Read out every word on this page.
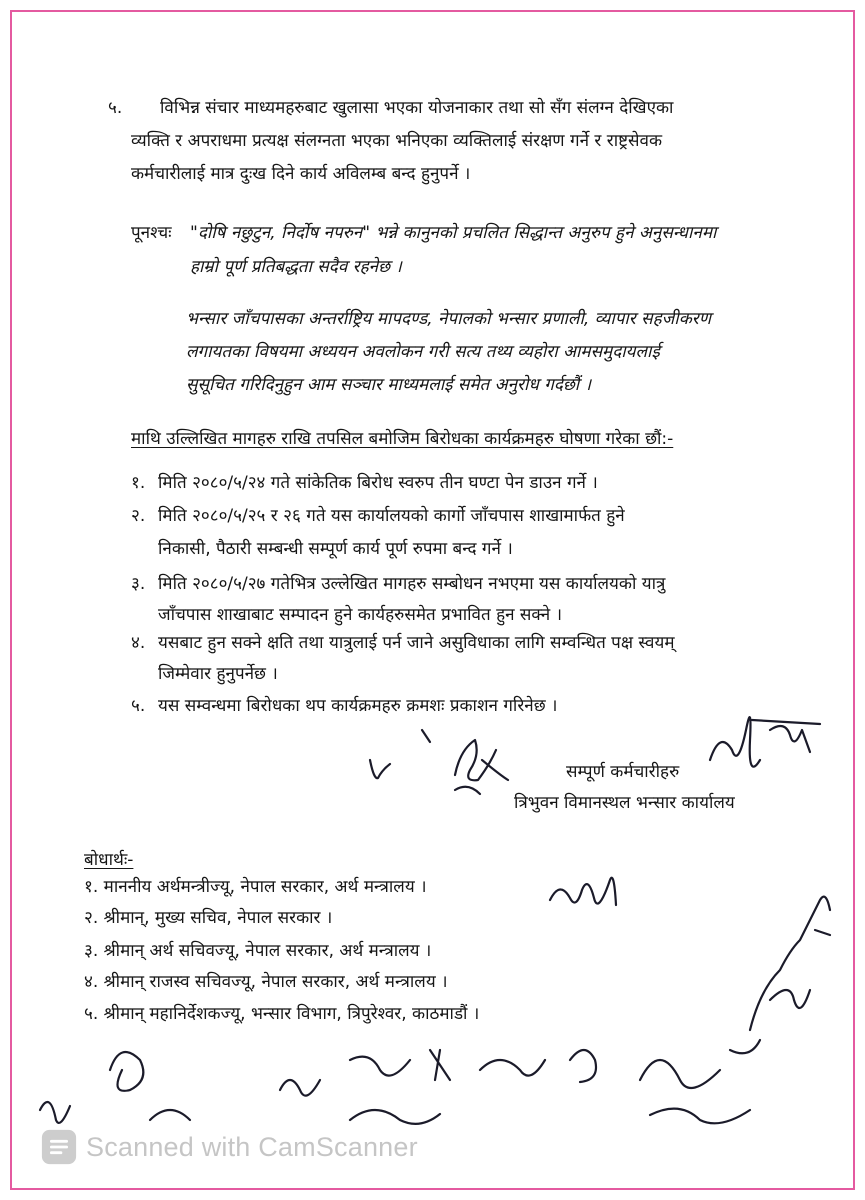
५. विभिन्न संचार माध्यमहरुबाट खुलासा भएका योजनाकार तथा सो सँग संलग्न देखिएका
व्यक्ति र अपराधमा प्रत्यक्ष संलग्नता भएका भनिएका व्यक्तिलाई संरक्षण गर्ने र राष्ट्रसेवक
कर्मचारीलाई मात्र दुःख दिने कार्य अविलम्ब बन्द हुनुपर्ने ।
पूनश्चः "दोषि नछुटुन, निर्दोष नपरुन" भन्ने कानुनको प्रचलित सिद्धान्त अनुरुप हुने अनुसन्धानमा
हाम्रो पूर्ण प्रतिबद्धता सदैव रहनेछ ।
भन्सार जाँचपासका अन्तर्राष्ट्रिय मापदण्ड, नेपालको भन्सार प्रणाली, व्यापार सहजीकरण
लगायतका विषयमा अध्ययन अवलोकन गरी सत्य तथ्य व्यहोरा आमसमुदायलाई
सुसूचित गरिदिनुहुन आम सञ्चार माध्यमलाई समेत अनुरोध गर्दछौं ।
माथि उल्लिखित मागहरु राखि तपसिल बमोजिम बिरोधका कार्यक्रमहरु घोषणा गरेका छौं:-
१. मिति २०८०/५/२४ गते सांकेतिक बिरोध स्वरुप तीन घण्टा पेन डाउन गर्ने ।
२. मिति २०८०/५/२५ र २६ गते यस कार्यालयको कार्गो जाँचपास शाखामार्फत हुने
निकासी, पैठारी सम्बन्धी सम्पूर्ण कार्य पूर्ण रुपमा बन्द गर्ने ।
३. मिति २०८०/५/२७ गतेभित्र उल्लेखित मागहरु सम्बोधन नभएमा यस कार्यालयको यात्रु
जाँचपास शाखाबाट सम्पादन हुने कार्यहरुसमेत प्रभावित हुन सक्ने ।
४. यसबाट हुन सक्ने क्षति तथा यात्रुलाई पर्न जाने असुविधाका लागि सम्वन्धित पक्ष स्वयम्
जिम्मेवार हुनुपर्नेछ ।
५. यस सम्वन्धमा बिरोधका थप कार्यक्रमहरु क्रमशः प्रकाशन गरिनेछ ।
सम्पूर्ण कर्मचारीहरु
त्रिभुवन विमानस्थल भन्सार कार्यालय
बोधार्थः-
१. माननीय अर्थमन्त्रीज्यू, नेपाल सरकार, अर्थ मन्त्रालय ।
२. श्रीमान्, मुख्य सचिव, नेपाल सरकार ।
३. श्रीमान् अर्थ सचिवज्यू, नेपाल सरकार, अर्थ मन्त्रालय ।
४. श्रीमान् राजस्व सचिवज्यू, नेपाल सरकार, अर्थ मन्त्रालय ।
५. श्रीमान् महानिर्देशकज्यू, भन्सार विभाग, त्रिपुरेश्वर, काठमाडौं ।
Scanned with CamScanner
